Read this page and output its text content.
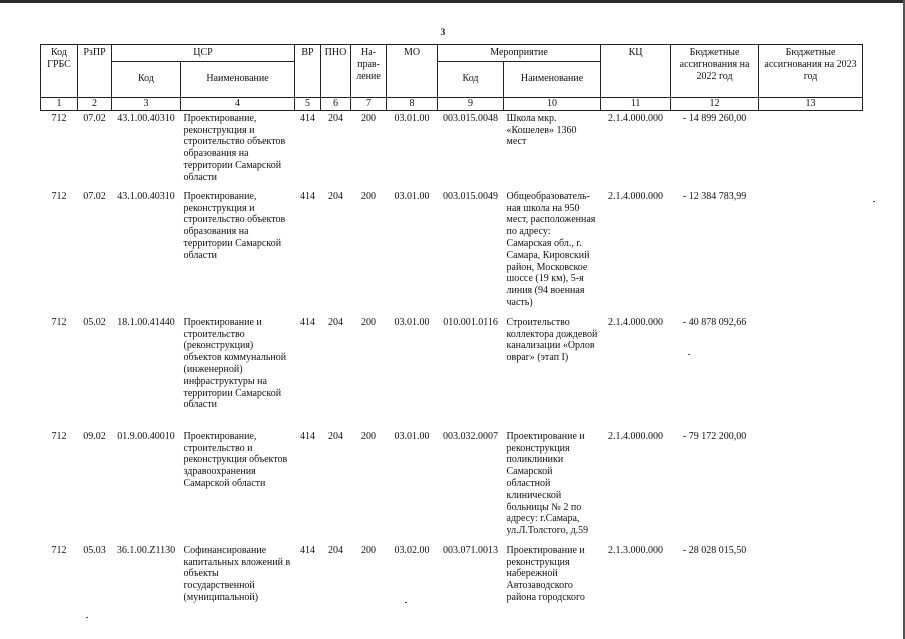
3
Код ГРБС	РзПР	ЦСР		ВР	ПНО	На-прав-ление	МО	Мероприятие		КЦ	Бюджетные ассигнования на 2022 год	Бюджетные ассигнования на 2023 год
		Код	Наименование					Код	Наименование			
1	2	3	4	5	6	7	8	9	10	11	12	13
712	07.02	43.1.00.40310	Проектирование, реконструкция и строительство объектов образования на территории Самарской области	414	204	200	03.01.00	003.015.0048	Школа мкр. «Кошелев» 1360 мест	2.1.4.000.000	- 14 899 260,00	
712	07.02	43.1.00.40310	Проектирование, реконструкция и строительство объектов образования на территории Самарской области	414	204	200	03.01.00	003.015.0049	Общеобразователь-ная школа на 950 мест, расположенная по адресу: Самарская обл., г. Самара, Кировский район, Московское шоссе (19 км), 5-я линия (94 военная часть)	2.1.4.000.000	- 12 384 783,99	
712	05.02	18.1.00.41440	Проектирование и строительство (реконструкция) объектов коммунальной (инженерной) инфраструктуры на территории Самарской области	414	204	200	03.01.00	010.001.0116	Строительство коллектора дождевой канализации «Орлов овраг» (этап I)	2.1.4.000.000	- 40 878 092,66	
712	09.02	01.9.00.40010	Проектирование, строительство и реконструкция объектов здравоохранения Самарской области	414	204	200	03.01.00	003.032.0007	Проектирование и реконструкция поликлиники Самарской областной клинической больницы № 2 по адресу: г.Самара, ул.Л.Толстого, д.59	2.1.4.000.000	- 79 172 200,00	
712	05.03	36.1.00.Z1130	Софинансирование капитальных вложений в объекты государственной (муниципальной)	414	204	200	03.02.00	003.071.0013	Проектирование и реконструкция набережной Автозаводского района городского	2.1.3.000.000	- 28 028 015,50	
